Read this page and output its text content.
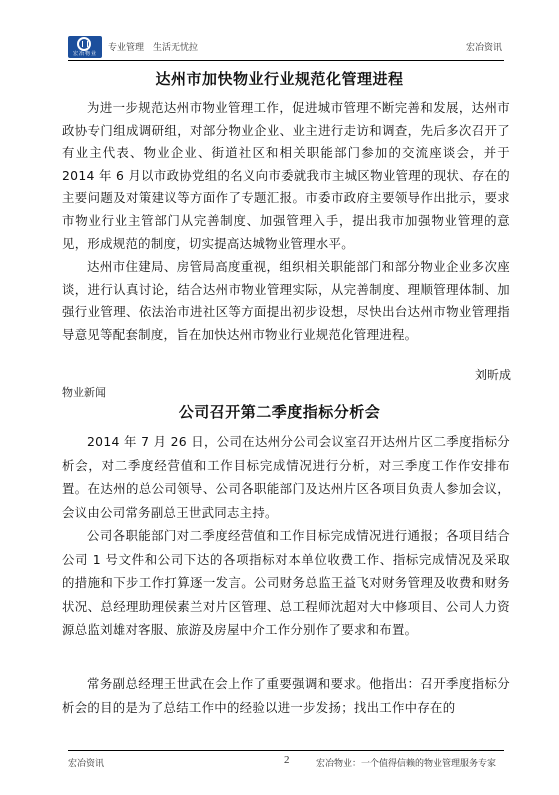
宏冶物业
专业管理　生活无忧拉	宏冶资讯
达州市加快物业行业规范化管理进程

为进一步规范达州市物业管理工作，促进城市管理不断完善和发展，达州市政协专门组成调研组，对部分物业企业、业主进行走访和调查，先后多次召开了有业主代表、物业企业、街道社区和相关职能部门参加的交流座谈会，并于 2014 年 6 月以市政协党组的名义向市委就我市主城区物业管理的现状、存在的主要问题及对策建议等方面作了专题汇报。市委市政府主要领导作出批示，要求市物业行业主管部门从完善制度、加强管理入手，提出我市加强物业管理的意见，形成规范的制度，切实提高达城物业管理水平。

达州市住建局、房管局高度重视，组织相关职能部门和部分物业企业多次座谈，进行认真讨论，结合达州市物业管理实际，从完善制度、理顺管理体制、加强行业管理、依法治市进社区等方面提出初步设想，尽快出台达州市物业管理指导意见等配套制度，旨在加快达州市物业行业规范化管理进程。

刘昕成
物业新闻
公司召开第二季度指标分析会

2014 年 7 月 26 日，公司在达州分公司会议室召开达州片区二季度指标分析会，对二季度经营值和工作目标完成情况进行分析，对三季度工作作安排布置。在达州的总公司领导、公司各职能部门及达州片区各项目负责人参加会议，会议由公司常务副总王世武同志主持。

公司各职能部门对二季度经营值和工作目标完成情况进行通报；各项目结合公司 1 号文件和公司下达的各项指标对本单位收费工作、指标完成情况及采取的措施和下步工作打算逐一发言。公司财务总监王益飞对财务管理及收费和财务状况、总经理助理侯素兰对片区管理、总工程师沈超对大中修项目、公司人力资源总监刘雄对客服、旅游及房屋中介工作分别作了要求和布置。

常务副总经理王世武在会上作了重要强调和要求。他指出：召开季度指标分析会的目的是为了总结工作中的经验以进一步发扬；找出工作中存在的

宏冶资讯	2	宏冶物业：一个值得信赖的物业管理服务专家
